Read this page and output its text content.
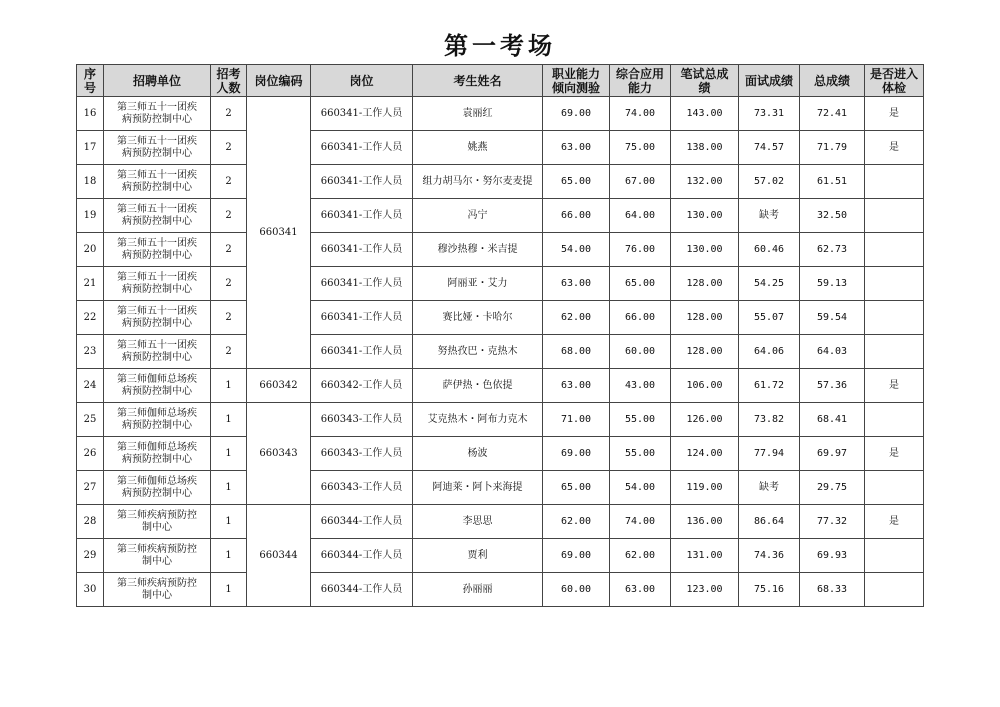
第一考场
序
号	招聘单位	招考
人数	岗位编码	岗位	考生姓名	职业能力
倾向测验	综合应用
能力	笔试总成
绩	面试成绩	总成绩	是否进入
体检
16	第三师五十一团疾
病预防控制中心	2	660341	660341-工作人员	袁丽红	69.00	74.00	143.00	73.31	72.41	是
17	第三师五十一团疾
病预防控制中心	2		660341-工作人员	姚燕	63.00	75.00	138.00	74.57	71.79	是
18	第三师五十一团疾
病预防控制中心	2		660341-工作人员	组力胡马尔・努尔麦麦提	65.00	67.00	132.00	57.02	61.51	
19	第三师五十一团疾
病预防控制中心	2		660341-工作人员	冯宁	66.00	64.00	130.00	缺考	32.50	
20	第三师五十一团疾
病预防控制中心	2		660341-工作人员	穆沙热穆・米吉提	54.00	76.00	130.00	60.46	62.73	
21	第三师五十一团疾
病预防控制中心	2		660341-工作人员	阿丽亚・艾力	63.00	65.00	128.00	54.25	59.13	
22	第三师五十一团疾
病预防控制中心	2		660341-工作人员	赛比娅・卡哈尔	62.00	66.00	128.00	55.07	59.54	
23	第三师五十一团疾
病预防控制中心	2		660341-工作人员	努热孜巴・克热木	68.00	60.00	128.00	64.06	64.03	
24	第三师伽师总场疾
病预防控制中心	1	660342	660342-工作人员	萨伊热・色依提	63.00	43.00	106.00	61.72	57.36	是
25	第三师伽师总场疾
病预防控制中心	1	660343	660343-工作人员	艾克热木・阿布力克木	71.00	55.00	126.00	73.82	68.41	
26	第三师伽师总场疾
病预防控制中心	1		660343-工作人员	杨波	69.00	55.00	124.00	77.94	69.97	是
27	第三师伽师总场疾
病预防控制中心	1		660343-工作人员	阿迪莱・阿卜来海提	65.00	54.00	119.00	缺考	29.75	
28	第三师疾病预防控
制中心	1	660344	660344-工作人员	李思思	62.00	74.00	136.00	86.64	77.32	是
29	第三师疾病预防控
制中心	1		660344-工作人员	贾利	69.00	62.00	131.00	74.36	69.93	
30	第三师疾病预防控
制中心	1		660344-工作人员	孙丽丽	60.00	63.00	123.00	75.16	68.33	
